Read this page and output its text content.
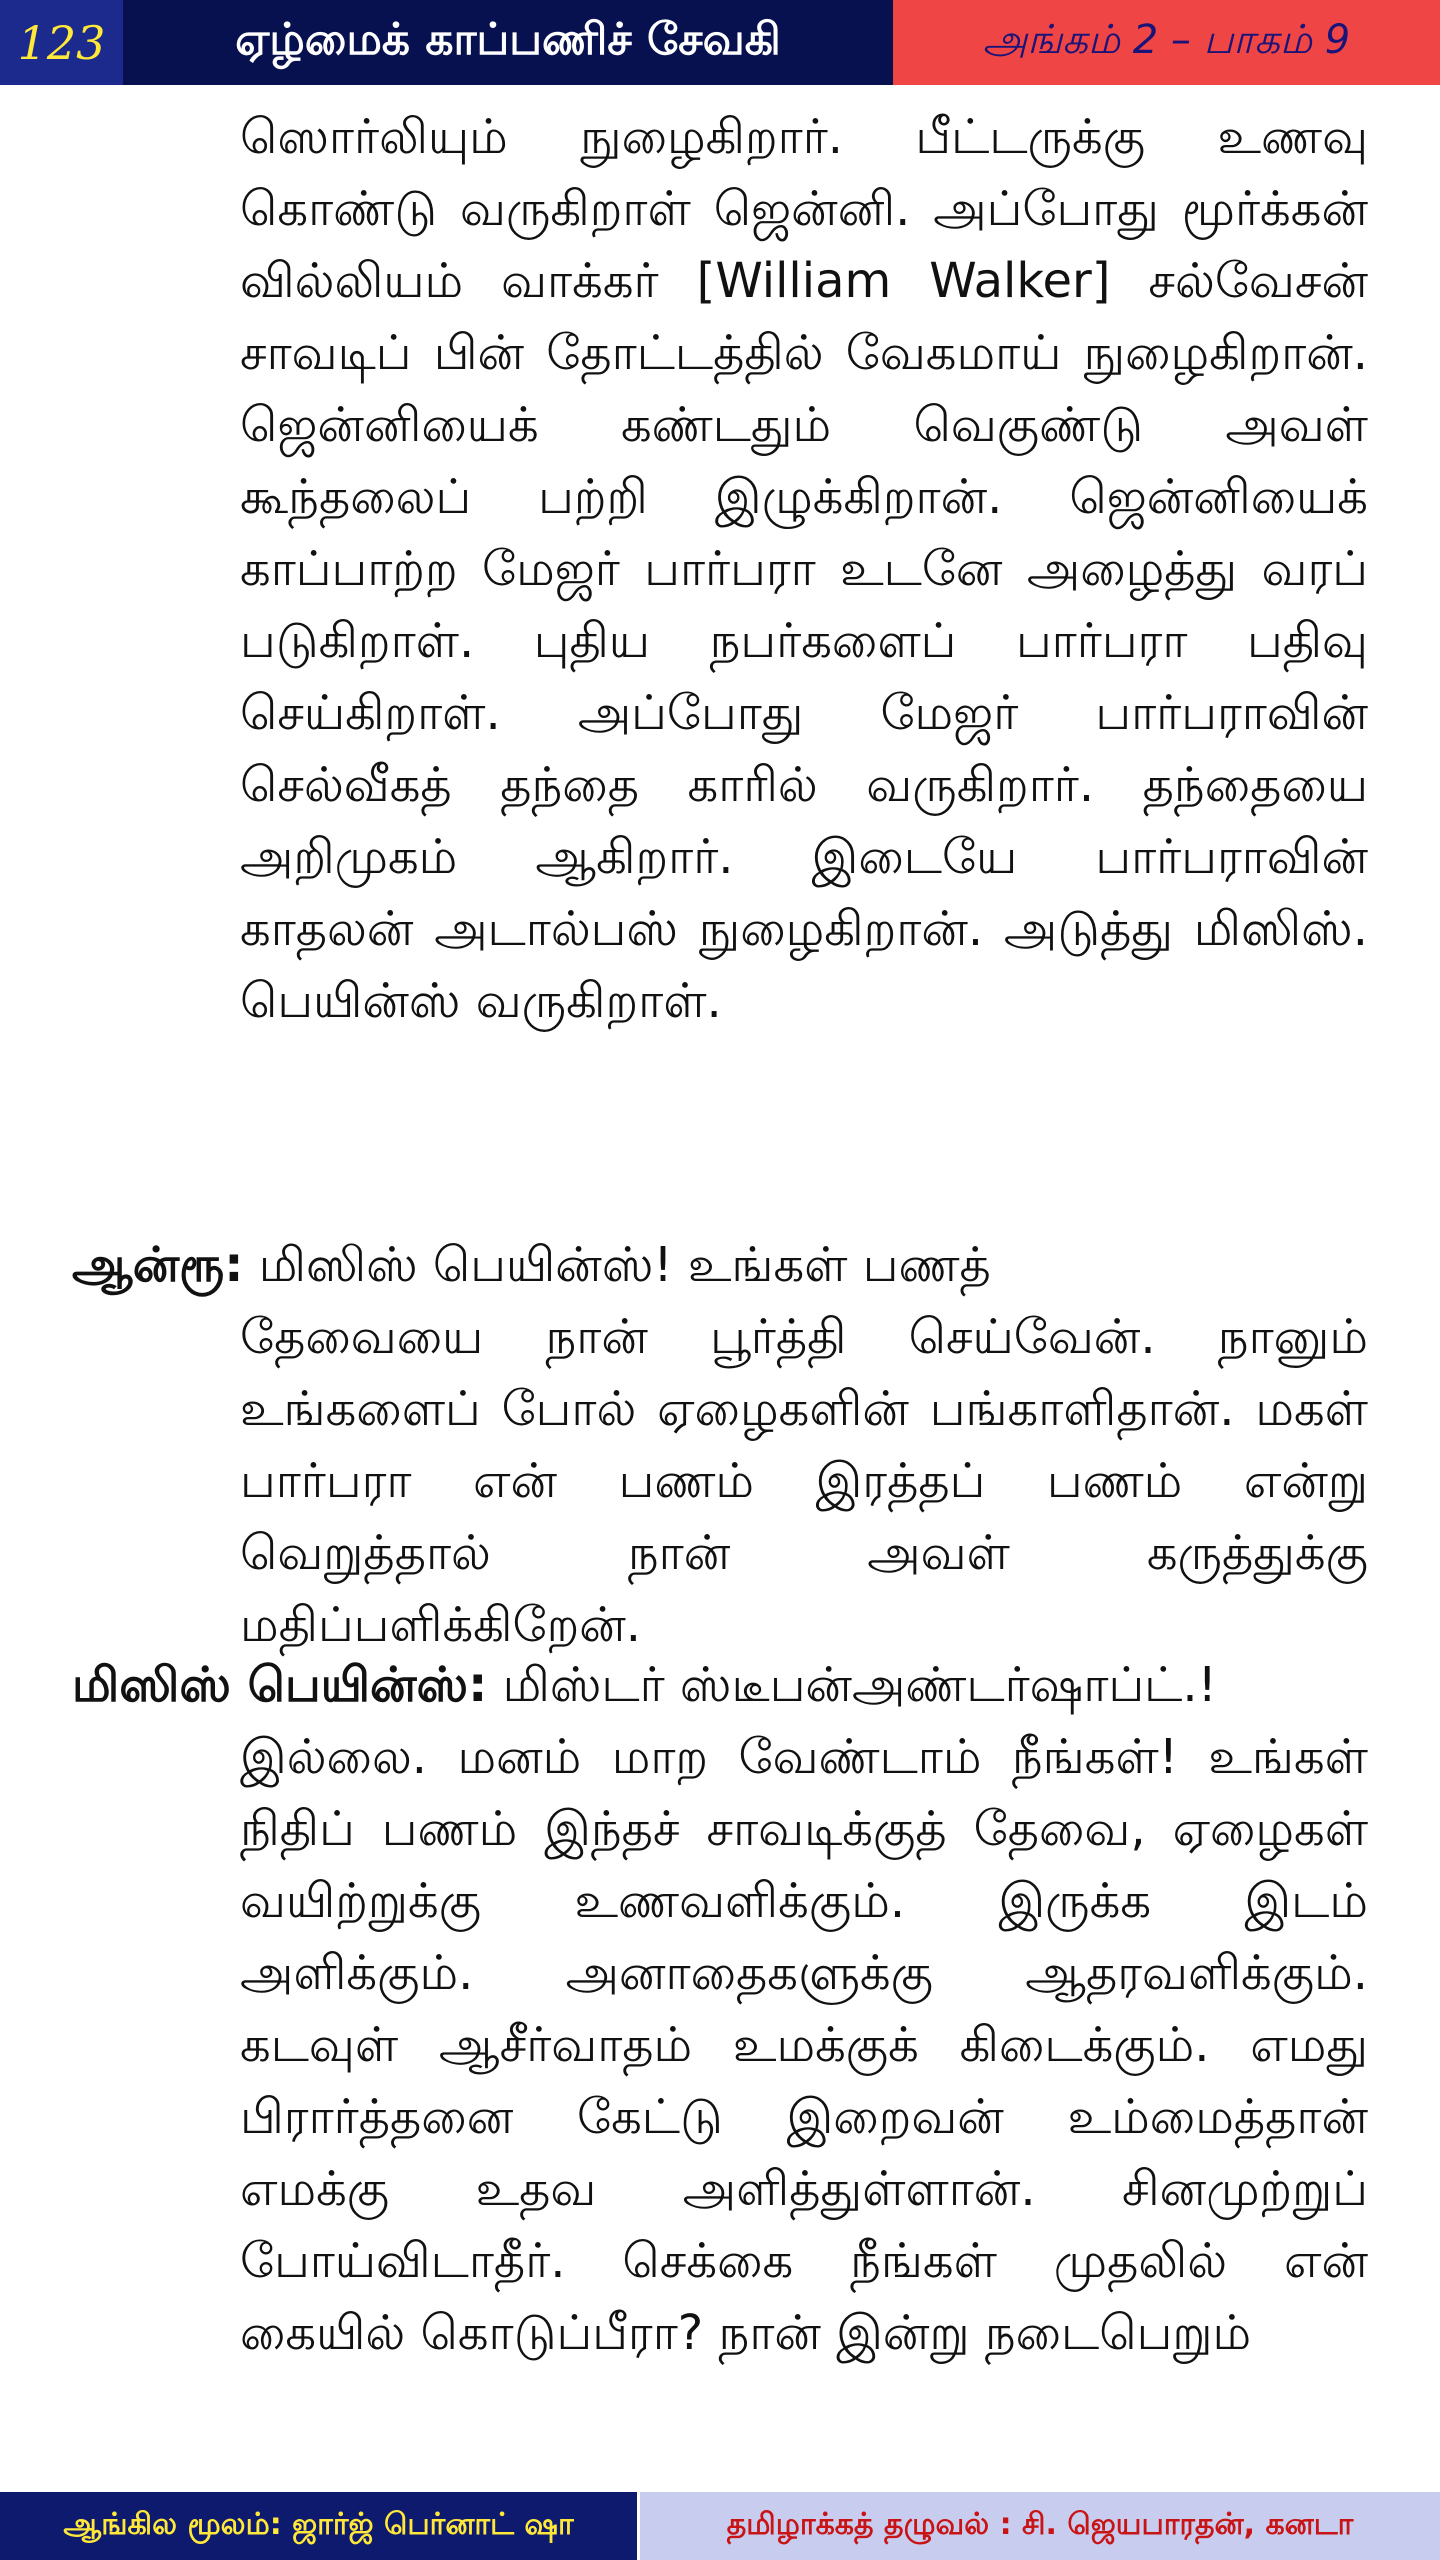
123	ஏழ்மைக் காப்பணிச் சேவகி	அங்கம் 2 – பாகம் 9
ஸொர்லியும் நுழைகிறார். பீட்டருக்கு உணவு கொண்டு வருகிறாள் ஜென்னி. அப்போது மூர்க்கன் வில்லியம் வாக்கர் [William Walker] சல்வேசன் சாவடிப் பின் தோட்டத்தில் வேகமாய் நுழைகிறான். ஜென்னியைக் கண்டதும் வெகுண்டு அவள் கூந்தலைப் பற்றி இழுக்கிறான். ஜென்னியைக் காப்பாற்ற மேஜர் பார்பரா உடனே அழைத்து வரப் படுகிறாள். புதிய நபர்களைப் பார்பரா பதிவு செய்கிறாள். அப்போது மேஜர் பார்பராவின் செல்வீகத் தந்தை காரில் வருகிறார். தந்தையை அறிமுகம் ஆகிறார். இடையே பார்பராவின் காதலன் அடால்பஸ் நுழைகிறான். அடுத்து மிஸிஸ். பெயின்ஸ் வருகிறாள்.
ஆன்ரூ: மிஸிஸ் பெயின்ஸ்! உங்கள் பணத்
தேவையை நான் பூர்த்தி செய்வேன். நானும் உங்களைப் போல் ஏழைகளின் பங்காளிதான். மகள் பார்பரா என் பணம் இரத்தப் பணம் என்று வெறுத்தால் நான் அவள் கருத்துக்கு மதிப்பளிக்கிறேன்.
மிஸிஸ் பெயின்ஸ்: மிஸ்டர் ஸ்டீபன்அண்டர்ஷாப்ட்.!
இல்லை. மனம் மாற வேண்டாம் நீங்கள்! உங்கள் நிதிப் பணம் இந்தச் சாவடிக்குத் தேவை, ஏழைகள் வயிற்றுக்கு உணவளிக்கும். இருக்க இடம் அளிக்கும். அனாதைகளுக்கு ஆதரவளிக்கும். கடவுள் ஆசீர்வாதம் உமக்குக் கிடைக்கும். எமது பிரார்த்தனை கேட்டு இறைவன் உம்மைத்தான் எமக்கு உதவ அளித்துள்ளான். சினமுற்றுப் போய்விடாதீர். செக்கை நீங்கள் முதலில் என் கையில் கொடுப்பீரா? நான் இன்று நடைபெறும்
ஆங்கில மூலம்: ஜார்ஜ் பெர்னாட் ஷா	தமிழாக்கத் தழுவல் : சி. ஜெயபாரதன், கனடா
